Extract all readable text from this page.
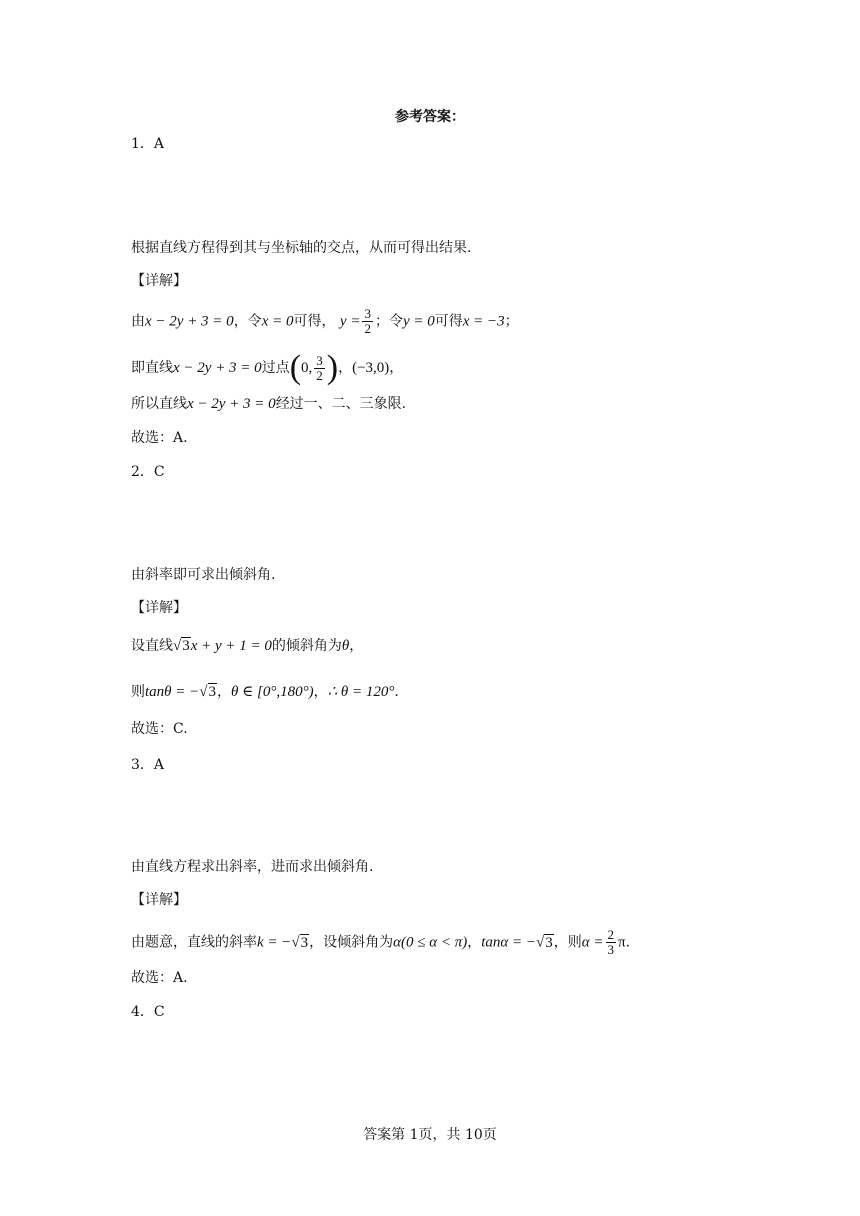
参考答案：
1．A
根据直线方程得到其与坐标轴的交点，从而可得出结果.
【详解】
由x − 2y + 3 = 0，令x = 0可得， $y = \frac{3}{2}$ ；令y = 0可得x = −3；
即直线x − 2y + 3 = 0过点(0, $\frac{3}{2}$ )，(−3,0)，
所以直线x − 2y + 3 = 0经过一、二、三象限.
故选：A.
2．C
由斜率即可求出倾斜角.
【详解】
设直线√3x + y + 1 = 0的倾斜角为θ，
则tanθ = −√3，θ ∈ [0°,180°)，∴ θ = 120°.
故选：C.
3．A
由直线方程求出斜率，进而求出倾斜角.
【详解】
由题意，直线的斜率k = −√3，设倾斜角为α(0 ≤ α < π)，tanα = −√3，则$\alpha = \frac{2}{3} \pi$.
故选：A.
4．C
答案第 1页，共 10页
